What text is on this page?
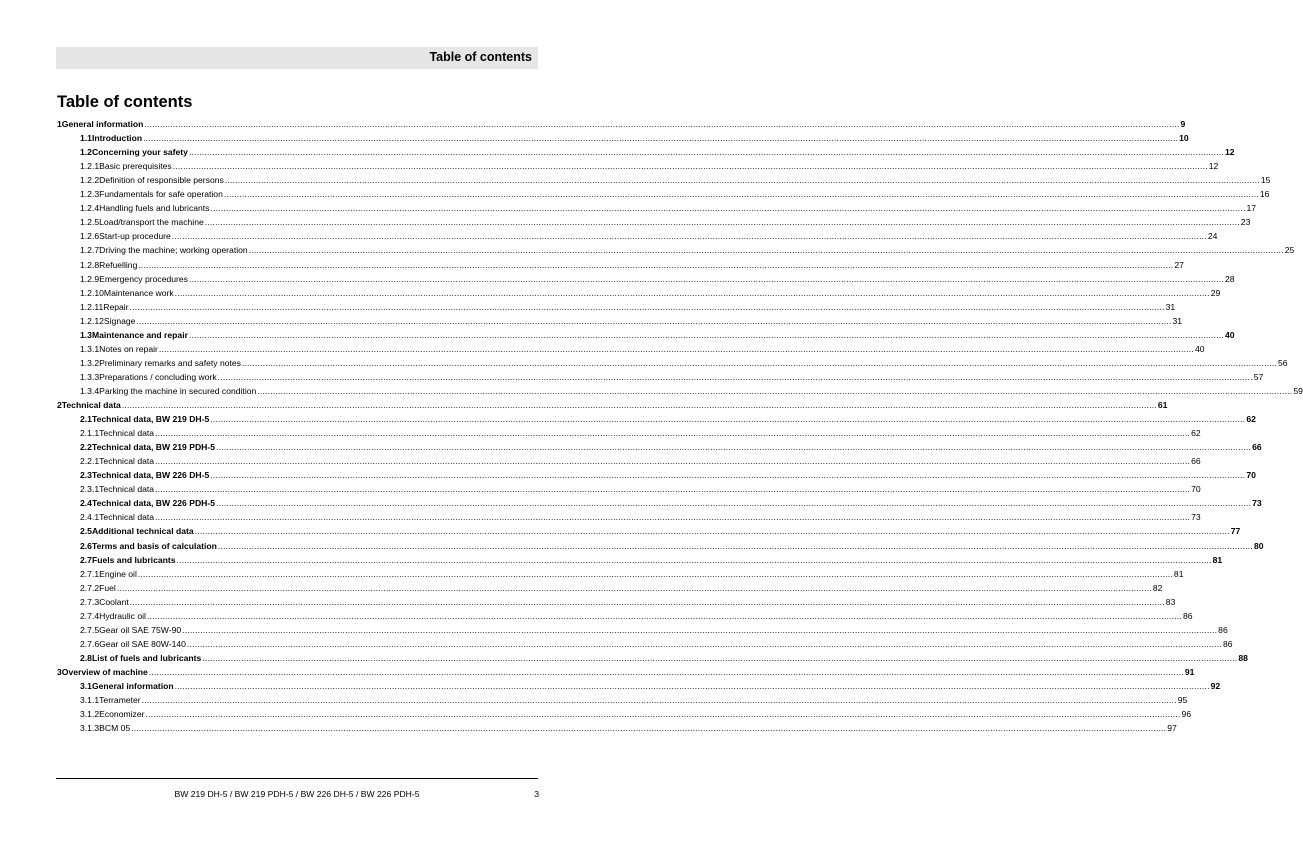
Table of contents
Table of contents
1 General information ................................................................................................................................................................................................................................................................................................................................................................................................................ 9
1.1 Introduction ................................................................................................................................................................................................................................................................................................................................................................................................................ 10
1.2 Concerning your safety ................................................................................................................................................................................................................................................................................................................................................................................................................ 12
1.2.1 Basic prerequisites ................................................................................................................................................................................................................................................................................................................................................................................................................ 12
1.2.2 Definition of responsible persons ................................................................................................................................................................................................................................................................................................................................................................................................................ 15
1.2.3 Fundamentals for safe operation ................................................................................................................................................................................................................................................................................................................................................................................................................ 16
1.2.4 Handling fuels and lubricants ................................................................................................................................................................................................................................................................................................................................................................................................................ 17
1.2.5 Load/transport the machine ................................................................................................................................................................................................................................................................................................................................................................................................................ 23
1.2.6 Start-up procedure ................................................................................................................................................................................................................................................................................................................................................................................................................ 24
1.2.7 Driving the machine; working operation ................................................................................................................................................................................................................................................................................................................................................................................................................ 25
1.2.8 Refuelling ................................................................................................................................................................................................................................................................................................................................................................................................................ 27
1.2.9 Emergency procedures ................................................................................................................................................................................................................................................................................................................................................................................................................ 28
1.2.10 Maintenance work ................................................................................................................................................................................................................................................................................................................................................................................................................ 29
1.2.11 Repair ................................................................................................................................................................................................................................................................................................................................................................................................................ 31
1.2.12 Signage ................................................................................................................................................................................................................................................................................................................................................................................................................ 31
1.3 Maintenance and repair ................................................................................................................................................................................................................................................................................................................................................................................................................ 40
1.3.1 Notes on repair ................................................................................................................................................................................................................................................................................................................................................................................................................ 40
1.3.2 Preliminary remarks and safety notes ................................................................................................................................................................................................................................................................................................................................................................................................................ 56
1.3.3 Preparations / concluding work ................................................................................................................................................................................................................................................................................................................................................................................................................ 57
1.3.4 Parking the machine in secured condition ................................................................................................................................................................................................................................................................................................................................................................................................................ 59
2 Technical data ................................................................................................................................................................................................................................................................................................................................................................................................................ 61
2.1 Technical data, BW 219 DH-5 ................................................................................................................................................................................................................................................................................................................................................................................................................ 62
2.1.1 Technical data ................................................................................................................................................................................................................................................................................................................................................................................................................ 62
2.2 Technical data, BW 219 PDH-5 ................................................................................................................................................................................................................................................................................................................................................................................................................ 66
2.2.1 Technical data ................................................................................................................................................................................................................................................................................................................................................................................................................ 66
2.3 Technical data, BW 226 DH-5 ................................................................................................................................................................................................................................................................................................................................................................................................................ 70
2.3.1 Technical data ................................................................................................................................................................................................................................................................................................................................................................................................................ 70
2.4 Technical data, BW 226 PDH-5 ................................................................................................................................................................................................................................................................................................................................................................................................................ 73
2.4.1 Technical data ................................................................................................................................................................................................................................................................................................................................................................................................................ 73
2.5 Additional technical data ................................................................................................................................................................................................................................................................................................................................................................................................................ 77
2.6 Terms and basis of calculation ................................................................................................................................................................................................................................................................................................................................................................................................................ 80
2.7 Fuels and lubricants ................................................................................................................................................................................................................................................................................................................................................................................................................ 81
2.7.1 Engine oil ................................................................................................................................................................................................................................................................................................................................................................................................................ 81
2.7.2 Fuel ................................................................................................................................................................................................................................................................................................................................................................................................................ 82
2.7.3 Coolant ................................................................................................................................................................................................................................................................................................................................................................................................................ 83
2.7.4 Hydraulic oil ................................................................................................................................................................................................................................................................................................................................................................................................................ 86
2.7.5 Gear oil SAE 75W-90 ................................................................................................................................................................................................................................................................................................................................................................................................................ 86
2.7.6 Gear oil SAE 80W-140 ................................................................................................................................................................................................................................................................................................................................................................................................................ 86
2.8 List of fuels and lubricants ................................................................................................................................................................................................................................................................................................................................................................................................................ 88
3 Overview of machine ................................................................................................................................................................................................................................................................................................................................................................................................................ 91
3.1 General information ................................................................................................................................................................................................................................................................................................................................................................................................................ 92
3.1.1 Terrameter ................................................................................................................................................................................................................................................................................................................................................................................................................ 95
3.1.2 Economizer ................................................................................................................................................................................................................................................................................................................................................................................................................ 96
3.1.3 BCM 05 ................................................................................................................................................................................................................................................................................................................................................................................................................ 97
BW 219 DH-5 / BW 219 PDH-5 / BW 226 DH-5 / BW 226 PDH-5	3
